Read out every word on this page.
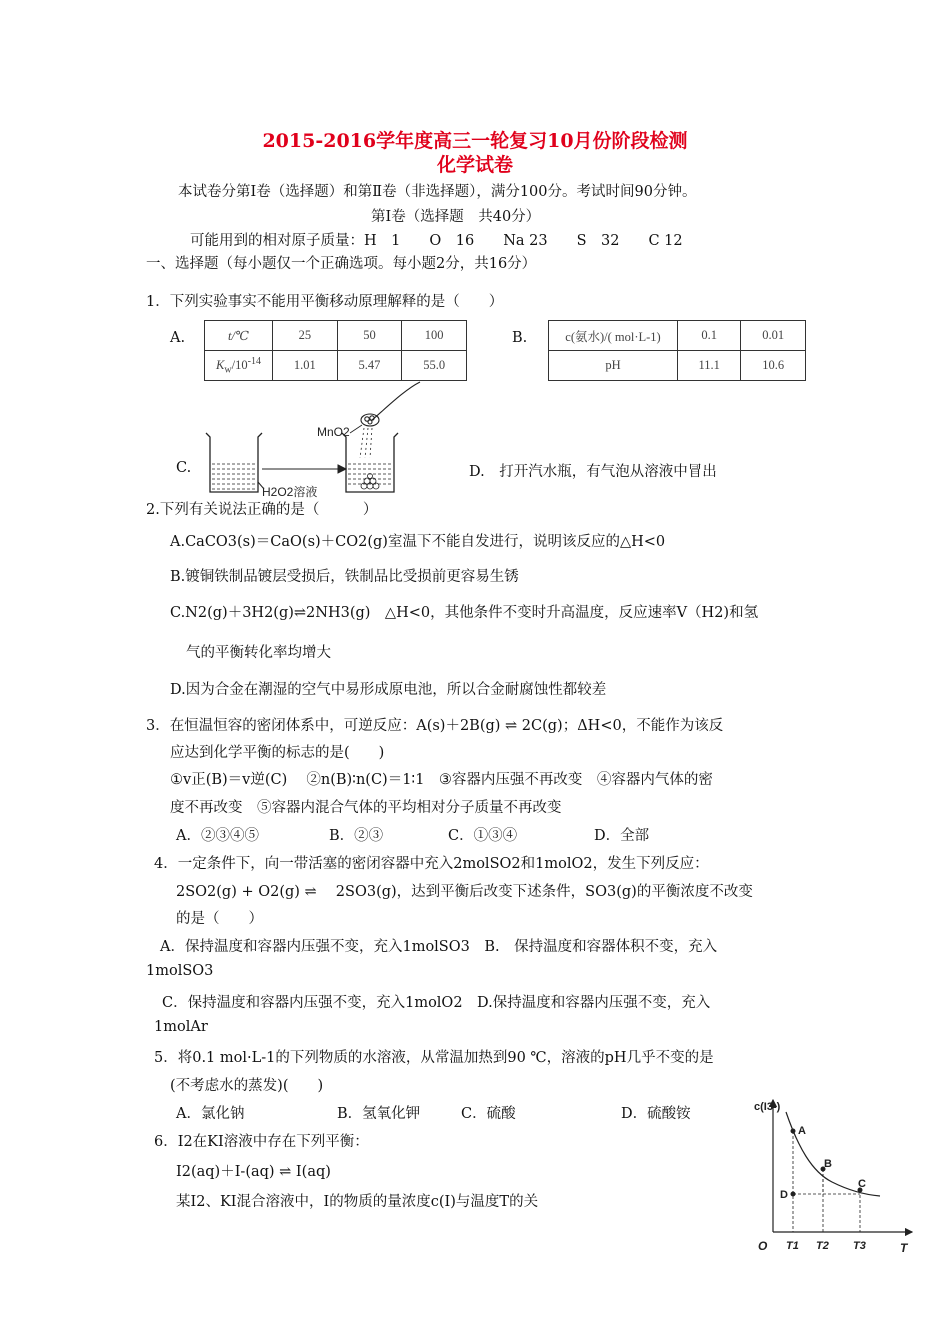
2015-2016学年度高三一轮复习10月份阶段检测
化学试卷
本试卷分第Ⅰ卷（选择题）和第Ⅱ卷（非选择题），满分100分。考试时间90分钟。
第Ⅰ卷（选择题　共40分）
可能用到的相对原子质量：H　1　　O　16　　Na 23　　S　32　　C 12
一、选择题（每小题仅一个正确选项。每小题2分，共16分）
1．下列实验事实不能用平衡移动原理解释的是（　　）
A.	t/℃	25	50	100
$K_w/10^{-14}$	1.01	5.47	55.0
B.	c(氨水)/( mol·L-1)	0.1	0.01
pH	11.1	10.6
C.
H2O2溶液
MnO2
D.　打开汽水瓶，有气泡从溶液中冒出
2.下列有关说法正确的是（　　　）
A.CaCO3(s)＝CaO(s)＋CO2(g)室温下不能自发进行，说明该反应的△H<0
B.镀铜铁制品镀层受损后，铁制品比受损前更容易生锈
C.N2(g)＋3H2(g)⇌2NH3(g)　△H<0，其他条件不变时升高温度，反应速率V（H2)和氢
气的平衡转化率均增大
D.因为合金在潮湿的空气中易形成原电池，所以合金耐腐蚀性都较差
3．在恒温恒容的密闭体系中，可逆反应：A(s)＋2B(g) ⇌ 2C(g)；ΔH<0，不能作为该反
应达到化学平衡的标志的是(　　)
①v正(B)＝v逆(C)　 ②n(B)∶n(C)＝1∶1　③容器内压强不再改变　④容器内气体的密
度不再改变　⑤容器内混合气体的平均相对分子质量不再改变
A．②③④⑤	B．②③	C．①③④	D．全部
4．一定条件下，向一带活塞的密闭容器中充入2molSO2和1molO2，发生下列反应：
2SO2(g) + O2(g) ⇌　 2SO3(g)，达到平衡后改变下述条件，SO3(g)的平衡浓度不改变
的是（　　）
A．保持温度和容器内压强不变，充入1molSO3　B.　保持温度和容器体积不变，充入
1molSO3
C．保持温度和容器内压强不变，充入1molO2　D.保持温度和容器内压强不变，充入
1molAr
5．将0.1 mol·L-1的下列物质的水溶液，从常温加热到90 ℃，溶液的pH几乎不变的是
(不考虑水的蒸发)(　　)
A．氯化钠	B．氢氧化钾	C．硫酸	D．硫酸铵
6．I2在KI溶液中存在下列平衡：
I2(aq)＋I-(aq) ⇌ I(aq)
某I2、KI混合溶液中，I的物质的量浓度c(I)与温度T的关
c(I3-)
T
O
A
B
C
D
T1 T2 T3
